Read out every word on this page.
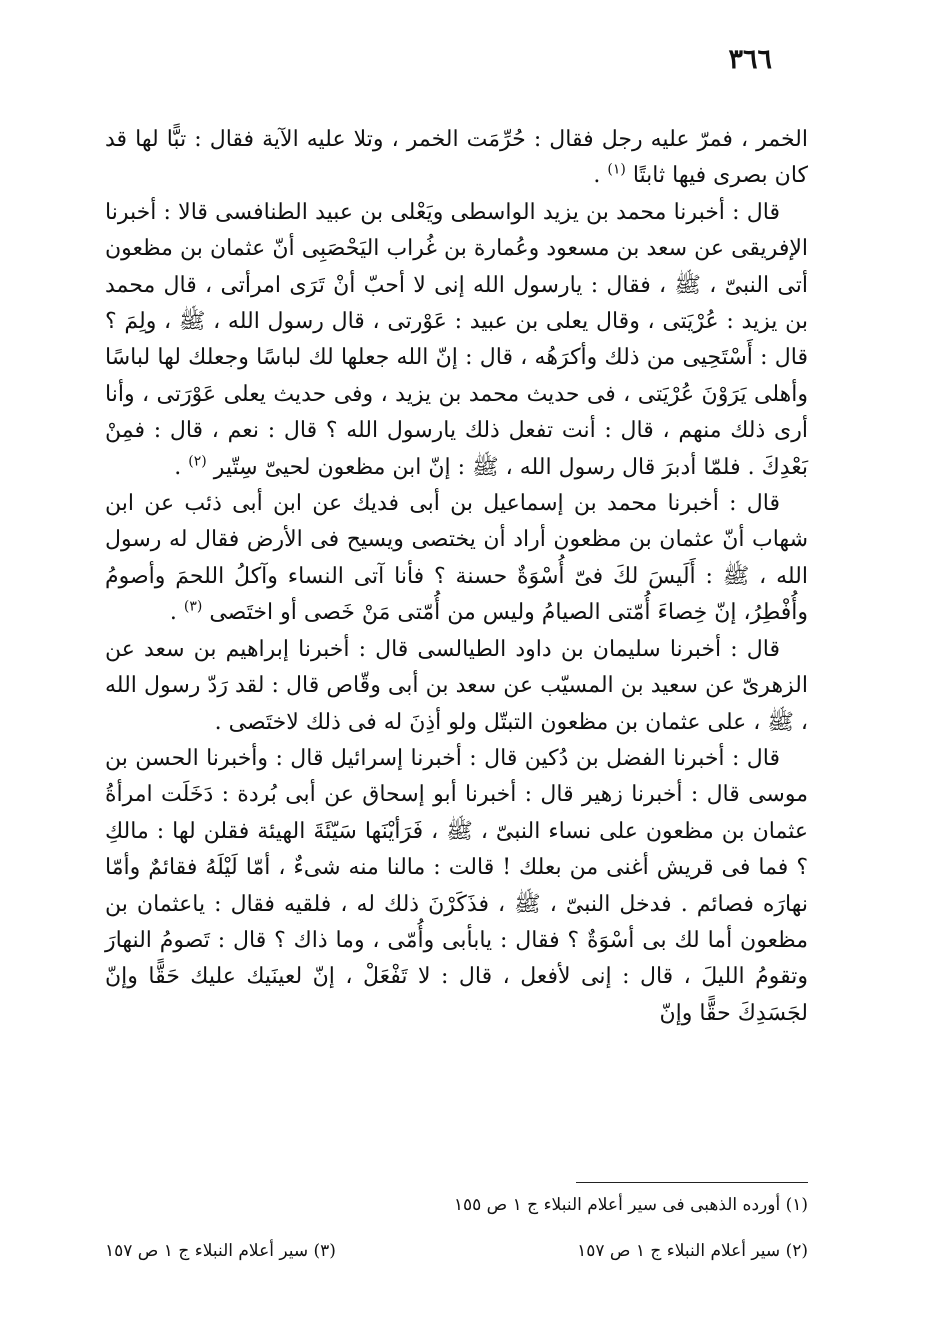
٣٦٦

الخمر ، فمرّ عليه رجل فقال : حُرِّمَت الخمر ، وتلا عليه الآية فقال : تبًّا لها قد كان بصرى فيها ثابتًا $^{(١)}$ .

قال : أخبرنا محمد بن يزيد الواسطى ويَعْلى بن عبيد الطنافسى قالا : أخبرنا الإفريقى عن سعد بن مسعود وعُمارة بن غُراب اليَحْصَبِى أنّ عثمان بن مظعون أتى النبىّ ، ﷺ ، فقال : يارسول الله إنى لا أحبّ أنْ تَرَى امرأتى ، قال محمد بن يزيد : عُرْيَتى ، وقال يعلى بن عبيد : عَوْرتى ، قال رسول الله ، ﷺ ، ولِمَ ؟ قال : أَسْتَحِيى من ذلك وأكرَهُه ، قال : إنّ الله جعلها لك لباسًا وجعلك لها لباسًا وأهلى يَرَوْنَ عُرْيَتى ، فى حديث محمد بن يزيد ، وفى حديث يعلى عَوْرَتى ، وأنا أرى ذلك منهم ، قال : أنت تفعل ذلك يارسول الله ؟ قال : نعم ، قال : فمِنْ بَعْدِكَ . فلمّا أدبرَ قال رسول الله ، ﷺ : إنّ ابن مظعون لحيىّ سِتّير $^{(٢)}$ .

قال : أخبرنا محمد بن إسماعيل بن أبى فديك عن ابن أبى ذئب عن ابن شهاب أنّ عثمان بن مظعون أراد أن يختصى ويسيح فى الأرض فقال له رسول الله ، ﷺ : أَلَيسَ لكَ فىّ أُسْوَةٌ حسنة ؟ فأنا آتى النساء وآكلُ اللحمَ وأصومُ وأُفْطِرُ، إنّ خِصاءَ أُمّتى الصيامُ وليس من أُمّتى مَنْ خَصى أو اختَصى $^{(٣)}$ .

قال : أخبرنا سليمان بن داود الطيالسى قال : أخبرنا إبراهيم بن سعد عن الزهرىّ عن سعيد بن المسيّب عن سعد بن أبى وقّاص قال : لقد رَدّ رسول الله ، ﷺ ، على عثمان بن مظعون التبتّل ولو أذِنَ له فى ذلك لاختَصى .

قال : أخبرنا الفضل بن دُكين قال : أخبرنا إسرائيل قال : وأخبرنا الحسن بن موسى قال : أخبرنا زهير قال : أخبرنا أبو إسحاق عن أبى بُردة : دَخَلَت امرأةُ عثمان بن مظعون على نساء النبىّ ، ﷺ ، فَرَأيْنَها سَيّئَةَ الهيئة فقلن لها : مالكِ ؟ فما فى قريش أغنى من بعلك ! قالت : مالنا منه شىءٌ ، أمّا لَيْلَهُ فقائمٌ وأمّا نهارَه فصائم . فدخل النبىّ ، ﷺ ، فذَكَرْنَ ذلك له ، فلقيه فقال : ياعثمان بن مظعون أما لك بى أسْوَةٌ ؟ فقال : يابأبى وأُمّى ، وما ذاك ؟ قال : تَصومُ النهارَ وتقومُ الليلَ ، قال : إنى لأفعل ، قال : لا تَفْعَلْ ، إنّ لعينَيك عليك حَقًّا وإنّ لجَسَدِكَ حقًّا وإنّ

(١) أورده الذهبى فى سير أعلام النبلاء ج ١ ص ١٥٥
(٢) سير أعلام النبلاء ج ١ ص ١٥٧
(٣) سير أعلام النبلاء ج ١ ص ١٥٧
